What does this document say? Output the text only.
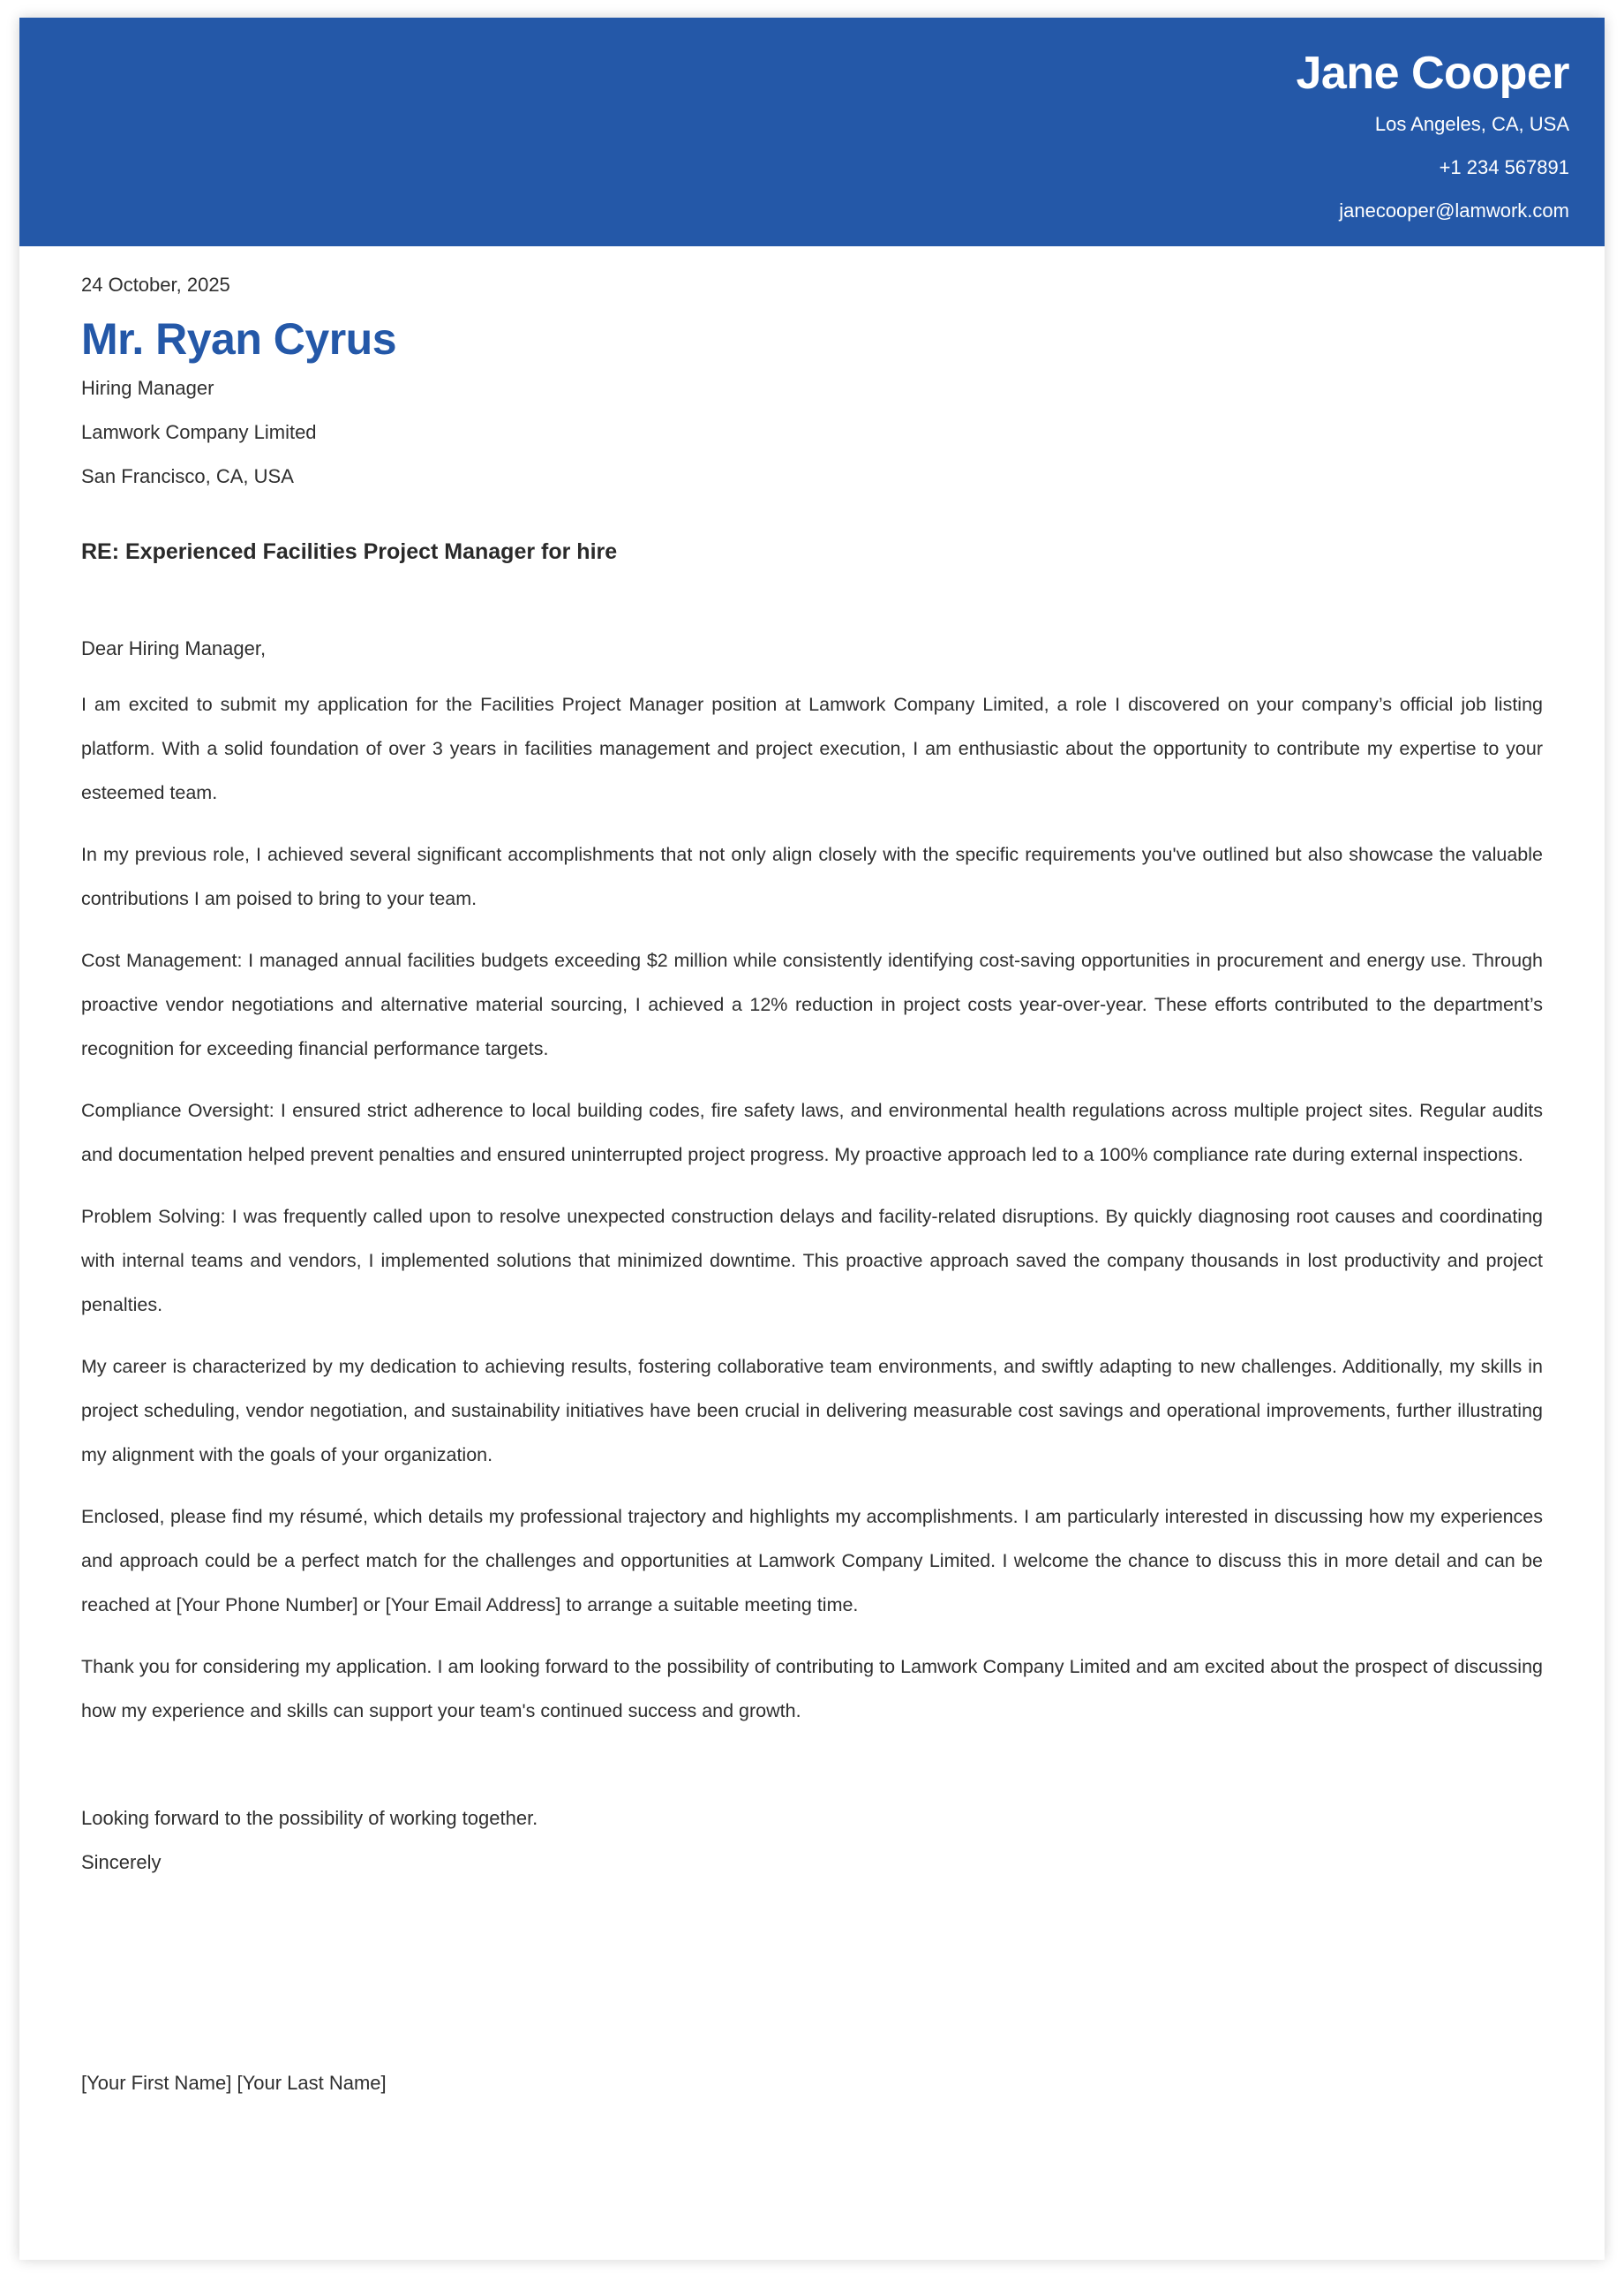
Jane Cooper
Los Angeles, CA, USA
+1 234 567891
janecooper@lamwork.com
24 October, 2025
Mr. Ryan Cyrus
Hiring Manager
Lamwork Company Limited
San Francisco, CA, USA
RE: Experienced Facilities Project Manager for hire
Dear Hiring Manager,
I am excited to submit my application for the Facilities Project Manager position at Lamwork Company Limited, a role I discovered on your company’s official job listing platform. With a solid foundation of over 3 years in facilities management and project execution, I am enthusiastic about the opportunity to contribute my expertise to your esteemed team.
In my previous role, I achieved several significant accomplishments that not only align closely with the specific requirements you've outlined but also showcase the valuable contributions I am poised to bring to your team.
Cost Management: I managed annual facilities budgets exceeding $2 million while consistently identifying cost-saving opportunities in procurement and energy use. Through proactive vendor negotiations and alternative material sourcing, I achieved a 12% reduction in project costs year-over-year. These efforts contributed to the department’s recognition for exceeding financial performance targets.
Compliance Oversight: I ensured strict adherence to local building codes, fire safety laws, and environmental health regulations across multiple project sites. Regular audits and documentation helped prevent penalties and ensured uninterrupted project progress. My proactive approach led to a 100% compliance rate during external inspections.
Problem Solving: I was frequently called upon to resolve unexpected construction delays and facility-related disruptions. By quickly diagnosing root causes and coordinating with internal teams and vendors, I implemented solutions that minimized downtime. This proactive approach saved the company thousands in lost productivity and project penalties.
My career is characterized by my dedication to achieving results, fostering collaborative team environments, and swiftly adapting to new challenges. Additionally, my skills in project scheduling, vendor negotiation, and sustainability initiatives have been crucial in delivering measurable cost savings and operational improvements, further illustrating my alignment with the goals of your organization.
Enclosed, please find my résumé, which details my professional trajectory and highlights my accomplishments. I am particularly interested in discussing how my experiences and approach could be a perfect match for the challenges and opportunities at Lamwork Company Limited. I welcome the chance to discuss this in more detail and can be reached at [Your Phone Number] or [Your Email Address] to arrange a suitable meeting time.
Thank you for considering my application. I am looking forward to the possibility of contributing to Lamwork Company Limited and am excited about the prospect of discussing how my experience and skills can support your team's continued success and growth.
Looking forward to the possibility of working together.
Sincerely
[Your First Name] [Your Last Name]
